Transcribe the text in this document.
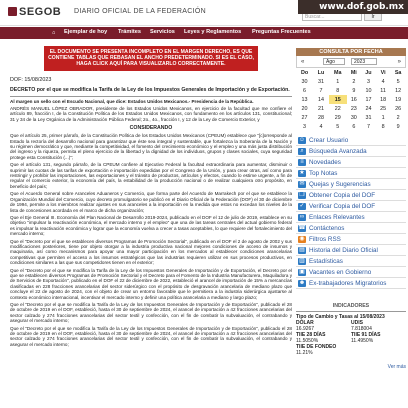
SEGOB DIARIO OFICIAL DE LA FEDERACIÓN
Buscar...	Ir
www.dof.gob.mx
⌂	Ejemplar de hoy Trámites Servicios Leyes y Reglamentos Preguntas Frecuentes
EL DOCUMENTO SE PRESENTA INCOMPLETO EN EL MARGEN DERECHO, ES QUE CONTIENE TABLAS QUE REBASAN EL ANCHO PREDETERMINADO. SI ES EL CASO, HAGA CLICK AQUÍ PARA VISUALIZARLO CORRECTAMENTE.
DOF: 15/08/2023
DECRETO por el que se modifica la Tarifa de la Ley de los Impuestos Generales de Importación y de Exportación.
Al margen un sello con el Escudo Nacional, que dice: Estados Unidos Mexicanos.- Presidencia de la República.
ANDRÉS MANUEL LÓPEZ OBRADOR, presidente de los Estados Unidos Mexicanos, en ejercicio de la facultad que me confiere el artículo 89, fracción I, de la Constitución Política de los Estados Unidos Mexicanos, con fundamento en los artículos 131, constitucional; 31 y 34 de la Ley Orgánica de la Administración Pública Federal; 2o., 4o., fracción I, y 12 de la Ley de Comercio Exterior, y
CONSIDERANDO
Que el artículo 25, primer párrafo, de la Constitución Política de los Estados Unidos Mexicanos (CPEUM) establece que "[c]orresponde al Estado la rectoría del desarrollo nacional para garantizar que éste sea integral y sustentable, que fortalezca la Soberanía de la Nación y su régimen democrático y que, mediante la competitividad, el fomento del crecimiento económico y el empleo y una más justa distribución del ingreso y la riqueza, permita el pleno ejercicio de la libertad y la dignidad de los individuos, grupos y clases sociales, cuya seguridad protege esta Constitución (...)";
Que el artículo 131, segundo párrafo, de la CPEUM confiere al Ejecutivo Federal la facultad extraordinaria para aumentar, disminuir o suprimir las cuotas de las tarifas de exportación e importación expedidas por el Congreso de la Unión, y para crear otras, así como para restringir y prohibir las importaciones, las exportaciones y el tránsito de productos, artículos y efectos, cuando lo estime urgente, a fin de regular el comercio exterior, la economía del país, la estabilidad de la producción nacional o de realizar cualquiera otro propósito, en beneficio del país;
Que el Acuerdo General sobre Aranceles Aduaneros y Comercio, que forma parte del Acuerdo de Marrakech por el que se establece la Organización Mundial del Comercio, cuyo decreto promulgatorio se publicó en el Diario Oficial de la Federación (DOF) el 30 de diciembre de 1994, permite a los miembros realizar ajustes en sus aranceles a la importación en la medida que estos no excedan los niveles de la lista de concesiones acordada en el marco de dicha organización;
Que el Eje General III. Economía del Plan Nacional de Desarrollo 2019-2024, publicado en el DOF el 12 de julio de 2019, establece en su objetivo "impulsar la reactivación económica, el mercado interno y el empleo" que una de las tareas centrales del actual gobierno federal es impulsar la reactivación económica y lograr que la economía vuelva a crecer a tasas aceptables, lo que requiere del fortalecimiento del mercado interno;
Que el "Decreto por el que se establecen diversos Programas de Promoción Sectorial", publicado en el DOF el 2 de agosto de 2002 y sus modificaciones posteriores, tiene por objeto otorgar a la industria productiva nacional mejores condiciones de acceso de insumos y maquinaria, así como mecanismos para apoyar una mayor participación en los mercados al establecer condiciones arancelarias competitivas que permiten el acceso a los insumos estratégicos que las industrias requieren utilizar en sus procesos productivos, en condiciones similares a las que sus competidores tienen en el exterior;
Que el "Decreto por el que se modifica la Tarifa de la Ley de los Impuestos Generales de Importación y de Exportación, el Decreto por el que se establecen diversos Programas de Promoción Sectorial y el Decreto para el Fomento de la Industria Manufacturera, Maquiladora y de Servicios de Exportación", publicado en el DOF el 22 de diciembre de 2022, estableció el arancel de importación de 15% a mercancías clasificadas en 228 fracciones arancelarias del sector siderúrgico con el propósito de desgravación arancelaria de mediano plazo que concluye el 22 de agosto de 2024, con el objeto de crear un entorno favorable que le permitiera a la industria siderúrgica ajustarse al contexto económico internacional, incentivar el mercado interno y definir una política arancelaria a mediano y largo plazo;
Que el "Decreto por el que se modifica la Tarifa de la Ley de los Impuestos Generales de Importación y de Exportación", publicado el 28 de octubre de 2019 en el DOF, estableció, hasta el 30 de septiembre de 2024, el arancel de importación a 42 fracciones arancelarias del sector calzado y 274 fracciones arancelarias del sector textil y confección, con el fin de combatir la subvaluación, el contrabando y asegurar el mercado interno;
Que el "Decreto por el que se modifica la Tarifa de la Ley de los Impuestos Generales de Importación y de Exportación", publicado el 28 de octubre de 2019 en el DOF, estableció, hasta el 30 de septiembre de 2024, el arancel de importación a 42 fracciones arancelarias del sector calzado y 274 fracciones arancelarias del sector textil y confección, con el fin de combatir la subvaluación, el contrabando y asegurar el mercado interno;
CONSULTA POR FECHA
«	Ago	2023	»
Do	Lu	Ma	Mi	Ju	Vi	Sa
30	31	1	2	3	4	5
6	7	8	9	10	11	12
13	14	15	16	17	18	19
20	21	22	23	24	25	26
27	28	29	30	31	1	2
3	4	5	6	7	8	9
☺ Crear Usuario
⌕ Búsqueda Avanzada
≡ Novedades
★ Top Notas
✉ Quejas y Sugerencias
❐ Obtener Copia del DOF
✓ Verificar Copia del DOF
∞ Enlaces Relevantes
☎ Contáctenos
◉ Filtros RSS
▤ Historia del Diario Oficial
▥ Estadísticas
▣ Vacantes en Gobierno
☻ Ex-trabajadores Migratorios
INDICADORES
Tipo de Cambio y Tasas al 15/08/2023
DÓLAR	UDIS
16.9267	7.818004
TIIE 28 DÍAS	TIIE 91 DÍAS
11.5050%	11.4950%
TIIE DE FONDEO
11.21%
Ver más
